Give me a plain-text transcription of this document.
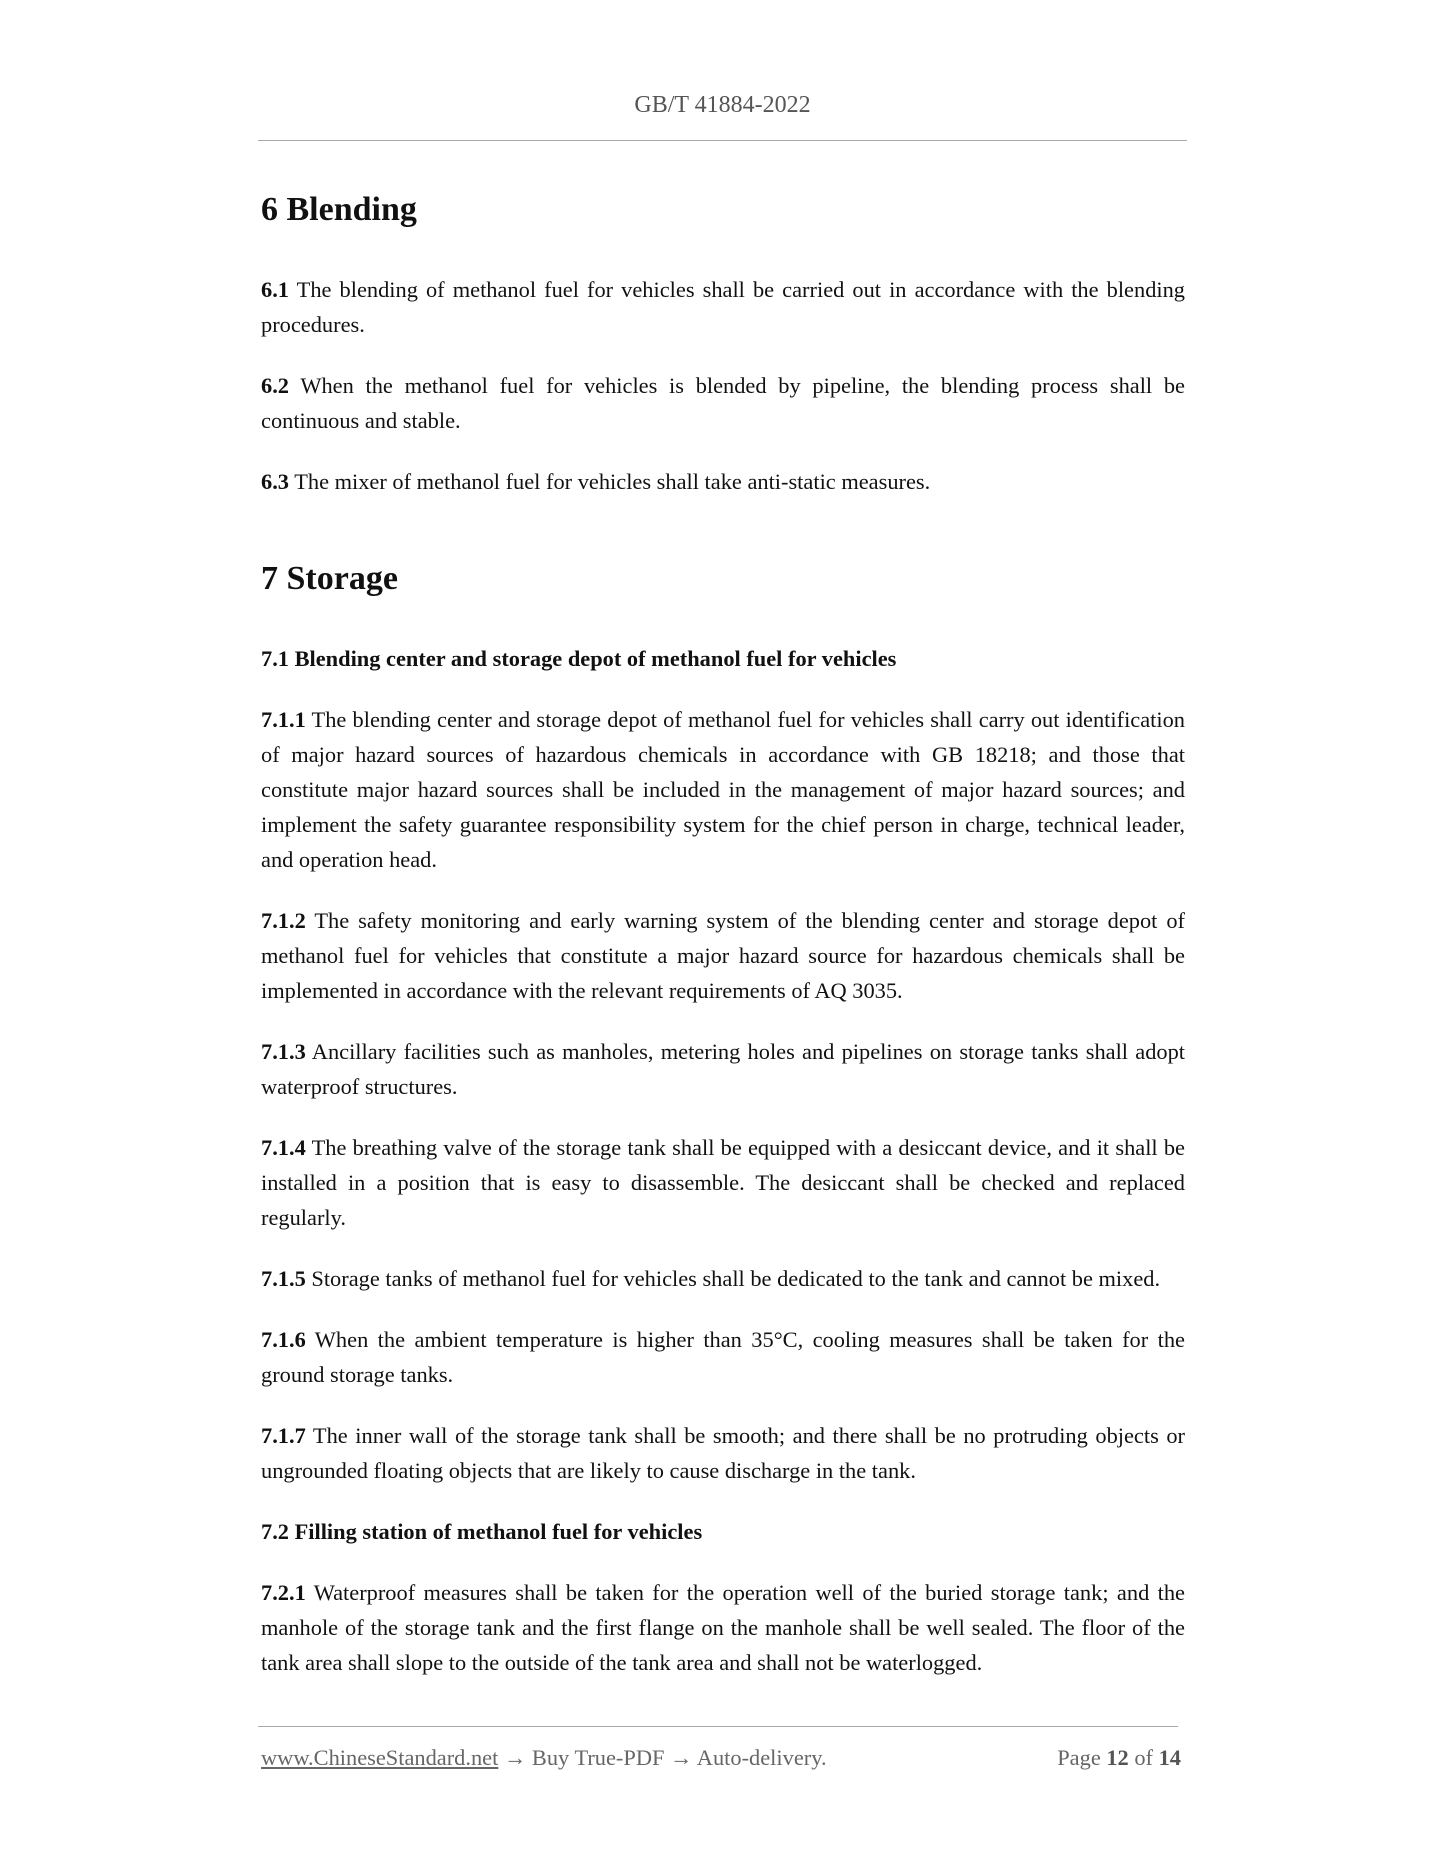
GB/T 41884-2022
6 Blending

6.1 The blending of methanol fuel for vehicles shall be carried out in accordance with the blending procedures.

6.2 When the methanol fuel for vehicles is blended by pipeline, the blending process shall be continuous and stable.

6.3 The mixer of methanol fuel for vehicles shall take anti-static measures.

7 Storage
7.1 Blending center and storage depot of methanol fuel for vehicles

7.1.1 The blending center and storage depot of methanol fuel for vehicles shall carry out identification of major hazard sources of hazardous chemicals in accordance with GB 18218; and those that constitute major hazard sources shall be included in the management of major hazard sources; and implement the safety guarantee responsibility system for the chief person in charge, technical leader, and operation head.

7.1.2 The safety monitoring and early warning system of the blending center and storage depot of methanol fuel for vehicles that constitute a major hazard source for hazardous chemicals shall be implemented in accordance with the relevant requirements of AQ 3035.

7.1.3 Ancillary facilities such as manholes, metering holes and pipelines on storage tanks shall adopt waterproof structures.

7.1.4 The breathing valve of the storage tank shall be equipped with a desiccant device, and it shall be installed in a position that is easy to disassemble. The desiccant shall be checked and replaced regularly.

7.1.5 Storage tanks of methanol fuel for vehicles shall be dedicated to the tank and cannot be mixed.

7.1.6 When the ambient temperature is higher than 35°C, cooling measures shall be taken for the ground storage tanks.

7.1.7 The inner wall of the storage tank shall be smooth; and there shall be no protruding objects or ungrounded floating objects that are likely to cause discharge in the tank.

7.2 Filling station of methanol fuel for vehicles

7.2.1 Waterproof measures shall be taken for the operation well of the buried storage tank; and the manhole of the storage tank and the first flange on the manhole shall be well sealed. The floor of the tank area shall slope to the outside of the tank area and shall not be waterlogged.

www.ChineseStandard.net → Buy True-PDF → Auto-delivery.	Page 12 of 14
